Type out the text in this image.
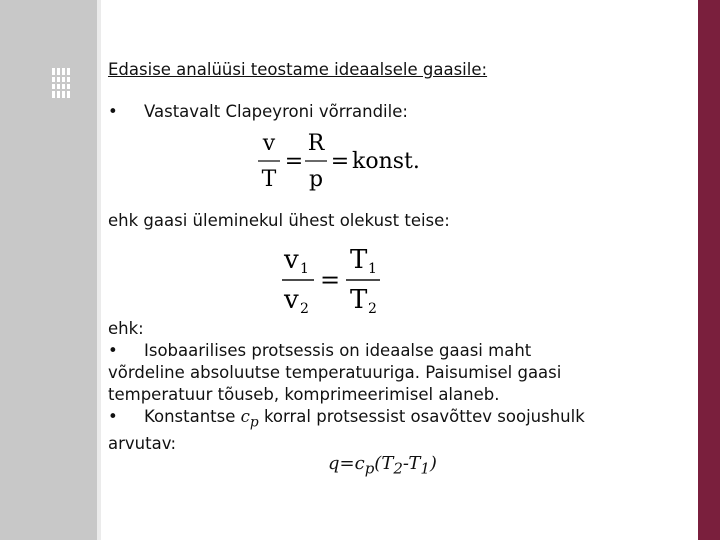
Edasise analüüsi teostame ideaalsele gaasile:
• Vastavalt Clapeyroni võrrandile:
v
T
=
R
p
= konst.
ehk gaasi üleminekul ühest olekust teise:
v 1
v 2
=
T 1
T 2
ehk:
• Isobaarilises protsessis on ideaalse gaasi maht
võrdeline absoluutse temperatuuriga. Paisumisel gaasi
temperatuur tõuseb, komprimeerimisel alaneb.
• Konstantse $c_p$ korral protsessist osavõttev soojushulk
arvutav:
$q=c_p(T_2-T_1)$
